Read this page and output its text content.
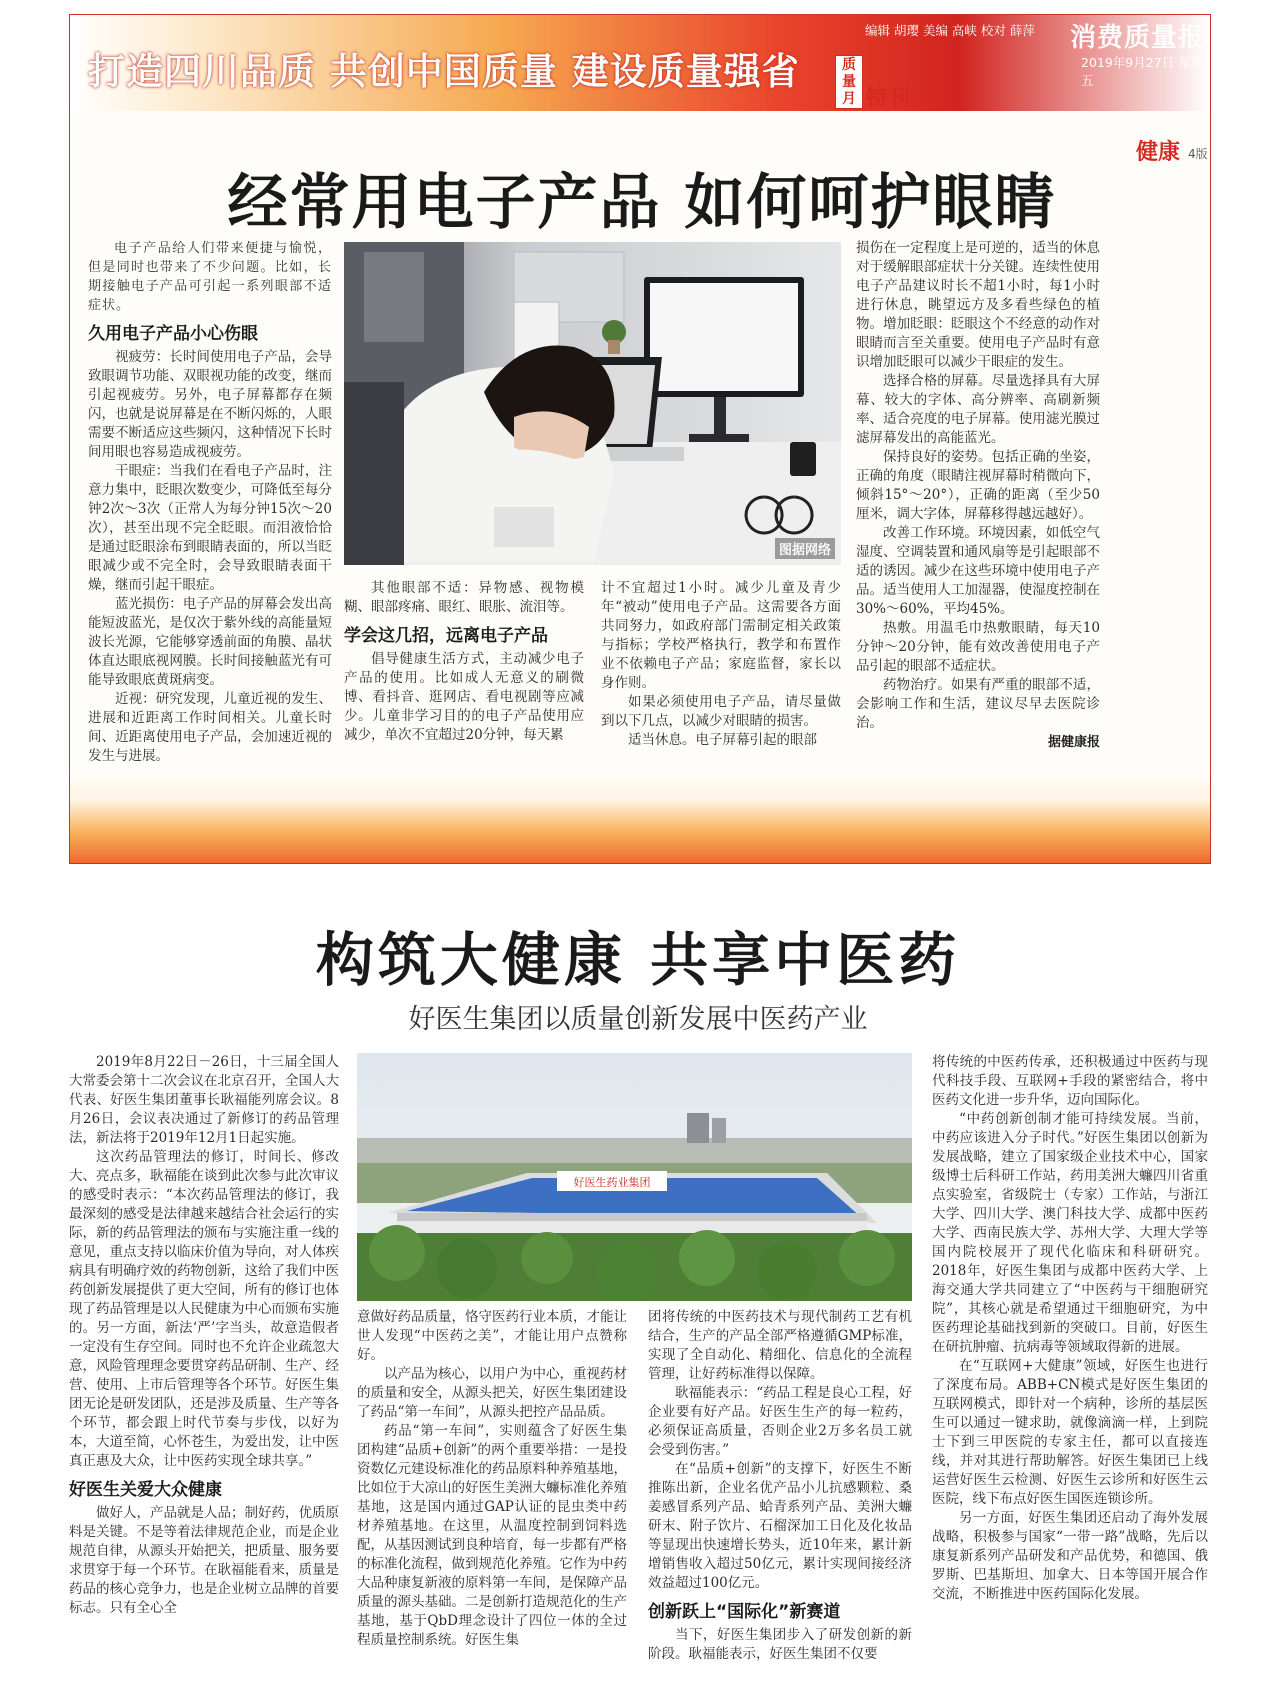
打造四川品质 共创中国质量 建设质量强省	质量月 特刊
编辑 胡璎 美编 高峡 校对 薛萍 消费质量报
2019年9月27日 星期五
健康 4版
经常用电子产品 如何呵护眼睛

电子产品给人们带来便捷与愉悦，但是同时也带来了不少问题。比如，长期接触电子产品可引起一系列眼部不适症状。

久用电子产品小心伤眼

视疲劳：长时间使用电子产品，会导致眼调节功能、双眼视功能的改变，继而引起视疲劳。另外，电子屏幕都存在频闪，也就是说屏幕是在不断闪烁的，人眼需要不断适应这些频闪，这种情况下长时间用眼也容易造成视疲劳。

干眼症：当我们在看电子产品时，注意力集中，眨眼次数变少，可降低至每分钟2次～3次（正常人为每分钟15次～20次），甚至出现不完全眨眼。而泪液恰恰是通过眨眼涂布到眼睛表面的，所以当眨眼减少或不完全时，会导致眼睛表面干燥，继而引起干眼症。

蓝光损伤：电子产品的屏幕会发出高能短波蓝光，是仅次于紫外线的高能量短波长光源，它能够穿透前面的角膜、晶状体直达眼底视网膜。长时间接触蓝光有可能导致眼底黄斑病变。

近视：研究发现，儿童近视的发生、进展和近距离工作时间相关。儿童长时间、近距离使用电子产品，会加速近视的发生与进展。

图据网络

其他眼部不适：异物感、视物模糊、眼部疼痛、眼红、眼胀、流泪等。

学会这几招，远离电子产品

倡导健康生活方式，主动减少电子产品的使用。比如成人无意义的刷微博、看抖音、逛网店、看电视剧等应减少。儿童非学习目的的电子产品使用应减少，单次不宜超过20分钟，每天累

计不宜超过1小时。减少儿童及青少年“被动”使用电子产品。这需要各方面共同努力，如政府部门需制定相关政策与指标；学校严格执行，教学和布置作业不依赖电子产品；家庭监督，家长以身作则。

如果必须使用电子产品，请尽量做到以下几点，以减少对眼睛的损害。

适当休息。电子屏幕引起的眼部

损伤在一定程度上是可逆的，适当的休息对于缓解眼部症状十分关键。连续性使用电子产品建议时长不超1小时，每1小时进行休息，眺望远方及多看些绿色的植物。增加眨眼：眨眼这个不经意的动作对眼睛而言至关重要。使用电子产品时有意识增加眨眼可以减少干眼症的发生。

选择合格的屏幕。尽量选择具有大屏幕、较大的字体、高分辨率、高刷新频率、适合亮度的电子屏幕。使用滤光膜过滤屏幕发出的高能蓝光。

保持良好的姿势。包括正确的坐姿，正确的角度（眼睛注视屏幕时稍微向下，倾斜15°～20°），正确的距离（至少50厘米，调大字体，屏幕移得越远越好）。

改善工作环境。环境因素，如低空气湿度、空调装置和通风扇等是引起眼部不适的诱因。减少在这些环境中使用电子产品。适当使用人工加湿器，使湿度控制在30%～60%，平均45%。

热敷。用温毛巾热敷眼睛，每天10分钟～20分钟，能有效改善使用电子产品引起的眼部不适症状。

药物治疗。如果有严重的眼部不适，会影响工作和生活，建议尽早去医院诊治。

据健康报
构筑大健康 共享中医药
好医生集团以质量创新发展中医药产业

2019年8月22日－26日，十三届全国人大常委会第十二次会议在北京召开，全国人大代表、好医生集团董事长耿福能列席会议。8月26日，会议表决通过了新修订的药品管理法，新法将于2019年12月1日起实施。

这次药品管理法的修订，时间长、修改大、亮点多，耿福能在谈到此次参与此次审议的感受时表示：“本次药品管理法的修订，我最深刻的感受是法律越来越结合社会运行的实际，新的药品管理法的颁布与实施注重一线的意见，重点支持以临床价值为导向，对人体疾病具有明确疗效的药物创新，这给了我们中医药创新发展提供了更大空间，所有的修订也体现了药品管理是以人民健康为中心而颁布实施的。另一方面，新法‘严’字当头，故意造假者一定没有生存空间。同时也不允许企业疏忽大意，风险管理理念要贯穿药品研制、生产、经营、使用、上市后管理等各个环节。好医生集团无论是研发团队，还是涉及质量、生产等各个环节，都会跟上时代节奏与步伐，以好为本，大道至简，心怀苍生，为爱出发，让中医真正惠及大众，让中医药实现全球共享。”

好医生关爱大众健康

做好人，产品就是人品；制好药，优质原料是关键。不是等着法律规范企业，而是企业规范自律，从源头开始把关，把质量、服务要求贯穿于每一个环节。在耿福能看来，质量是药品的核心竞争力，也是企业树立品牌的首要标志。只有全心全

好医生药业集团

意做好药品质量，恪守医药行业本质，才能让世人发现“中医药之美”，才能让用户点赞称好。

以产品为核心，以用户为中心，重视药材的质量和安全，从源头把关，好医生集团建设了药品“第一车间”，从源头把控产品品质。

药品“第一车间”，实则蕴含了好医生集团构建“品质+创新”的两个重要举措：一是投资数亿元建设标准化的药品原料种养殖基地，比如位于大凉山的好医生美洲大蠊标准化养殖基地，这是国内通过GAP认证的昆虫类中药材养殖基地。在这里，从温度控制到饲料选配，从基因测试到良种培育，每一步都有严格的标准化流程，做到规范化养殖。它作为中药大品种康复新液的原料第一车间，是保障产品质量的源头基础。二是创新打造规范化的生产基地，基于QbD理念设计了四位一体的全过程质量控制系统。好医生集

团将传统的中医药技术与现代制药工艺有机结合，生产的产品全部严格遵循GMP标准，实现了全自动化、精细化、信息化的全流程管理，让好药标准得以保障。

耿福能表示：“药品工程是良心工程，好企业要有好产品。好医生生产的每一粒药，必须保证高质量，否则企业2万多名员工就会受到伤害。”

在“品质+创新”的支撑下，好医生不断推陈出新，企业名优产品小儿抗感颗粒、桑姜感冒系列产品、蛤青系列产品、美洲大蠊研末、附子饮片、石榴深加工日化及化妆品等显现出快速增长势头，近10年来，累计新增销售收入超过50亿元，累计实现间接经济效益超过100亿元。

创新跃上“国际化”新赛道

当下，好医生集团步入了研发创新的新阶段。耿福能表示，好医生集团不仅要

将传统的中医药传承，还积极通过中医药与现代科技手段、互联网+手段的紧密结合，将中医药文化进一步升华，迈向国际化。

“中药创新创制才能可持续发展。当前，中药应该进入分子时代。”好医生集团以创新为发展战略，建立了国家级企业技术中心，国家级博士后科研工作站，药用美洲大蠊四川省重点实验室，省级院士（专家）工作站，与浙江大学、四川大学、澳门科技大学、成都中医药大学、西南民族大学、苏州大学、大理大学等国内院校展开了现代化临床和科研研究。2018年，好医生集团与成都中医药大学、上海交通大学共同建立了“中医药与干细胞研究院”，其核心就是希望通过干细胞研究，为中医药理论基础找到新的突破口。目前，好医生在研抗肿瘤、抗病毒等领域取得新的进展。

在“互联网+大健康”领域，好医生也进行了深度布局。ABB+CN模式是好医生集团的互联网模式，即针对一个病种，诊所的基层医生可以通过一键求助，就像滴滴一样，上到院士下到三甲医院的专家主任，都可以直接连线，并对其进行帮助解答。好医生集团已上线运营好医生云检测、好医生云诊所和好医生云医院，线下布点好医生国医连锁诊所。

另一方面，好医生集团还启动了海外发展战略，积极参与国家“一带一路”战略，先后以康复新系列产品研发和产品优势，和德国、俄罗斯、巴基斯坦、加拿大、日本等国开展合作交流，不断推进中医药国际化发展。
